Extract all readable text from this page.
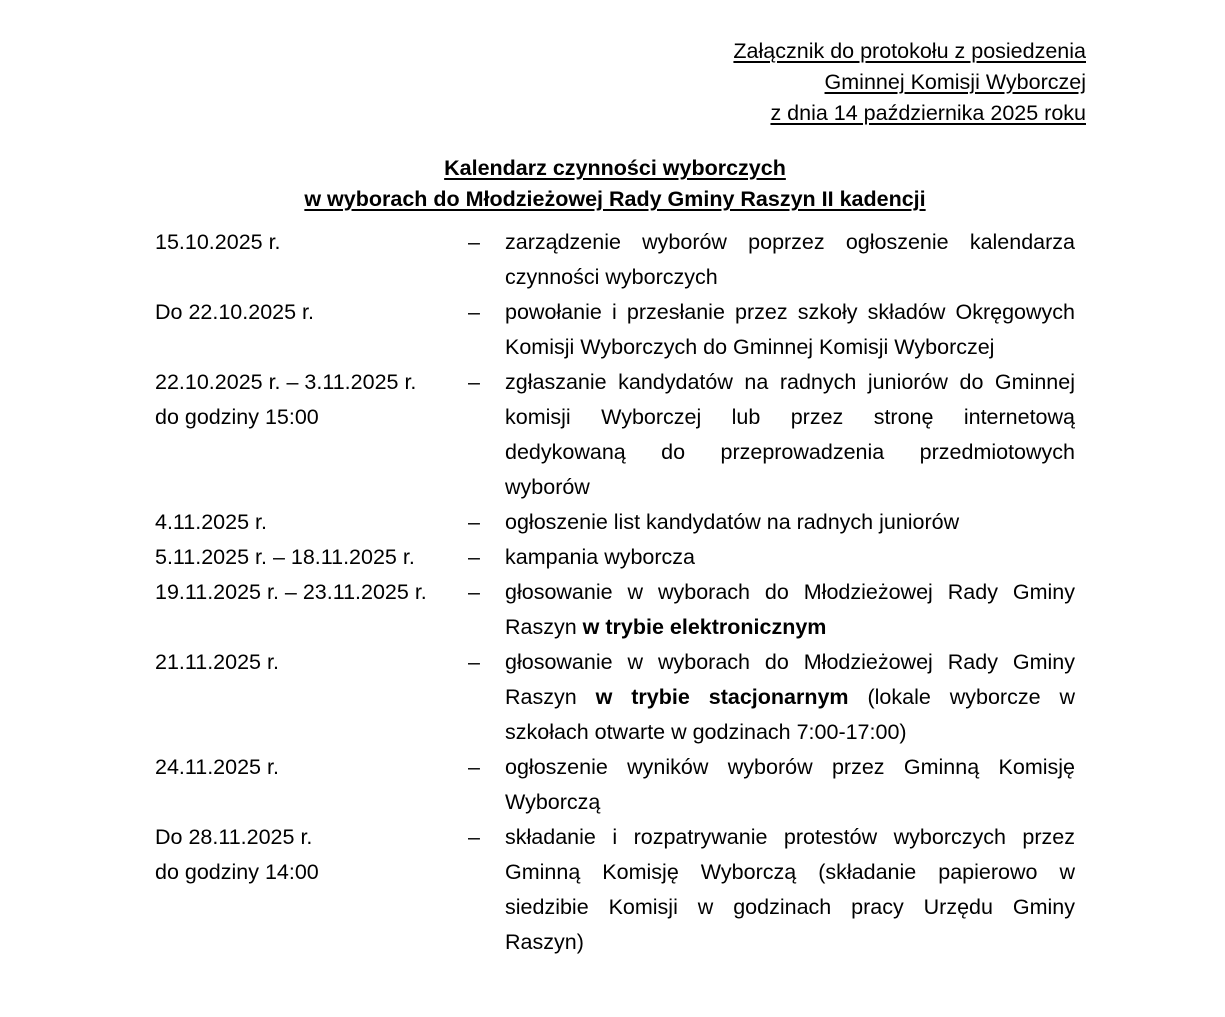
Załącznik do protokołu z posiedzenia
Gminnej Komisji Wyborczej
z dnia 14 października 2025 roku
Kalendarz czynności wyborczych
w wyborach do Młodzieżowej Rady Gminy Raszyn II kadencji
15.10.2025 r.	–	zarządzenie wyborów poprzez ogłoszenie kalendarza czynności wyborczych
Do 22.10.2025 r.	–	powołanie i przesłanie przez szkoły składów Okręgowych Komisji Wyborczych do Gminnej Komisji Wyborczej
22.10.2025 r. – 3.11.2025 r.
do godziny 15:00
–	zgłaszanie kandydatów na radnych juniorów do Gminnej komisji Wyborczej lub przez stronę internetową dedykowaną do przeprowadzenia przedmiotowych wyborów
4.11.2025 r.	–	ogłoszenie list kandydatów na radnych juniorów
5.11.2025 r. – 18.11.2025 r.	–	kampania wyborcza
19.11.2025 r. – 23.11.2025 r.	–	głosowanie w wyborach do Młodzieżowej Rady Gminy Raszyn w trybie elektronicznym
21.11.2025 r.	–	głosowanie w wyborach do Młodzieżowej Rady Gminy Raszyn w trybie stacjonarnym (lokale wyborcze w szkołach otwarte w godzinach 7:00-17:00)
24.11.2025 r.	–	ogłoszenie wyników wyborów przez Gminną Komisję Wyborczą
Do 28.11.2025 r.
do godziny 14:00
–	składanie i rozpatrywanie protestów wyborczych przez Gminną Komisję Wyborczą (składanie papierowo w siedzibie Komisji w godzinach pracy Urzędu Gminy Raszyn)
